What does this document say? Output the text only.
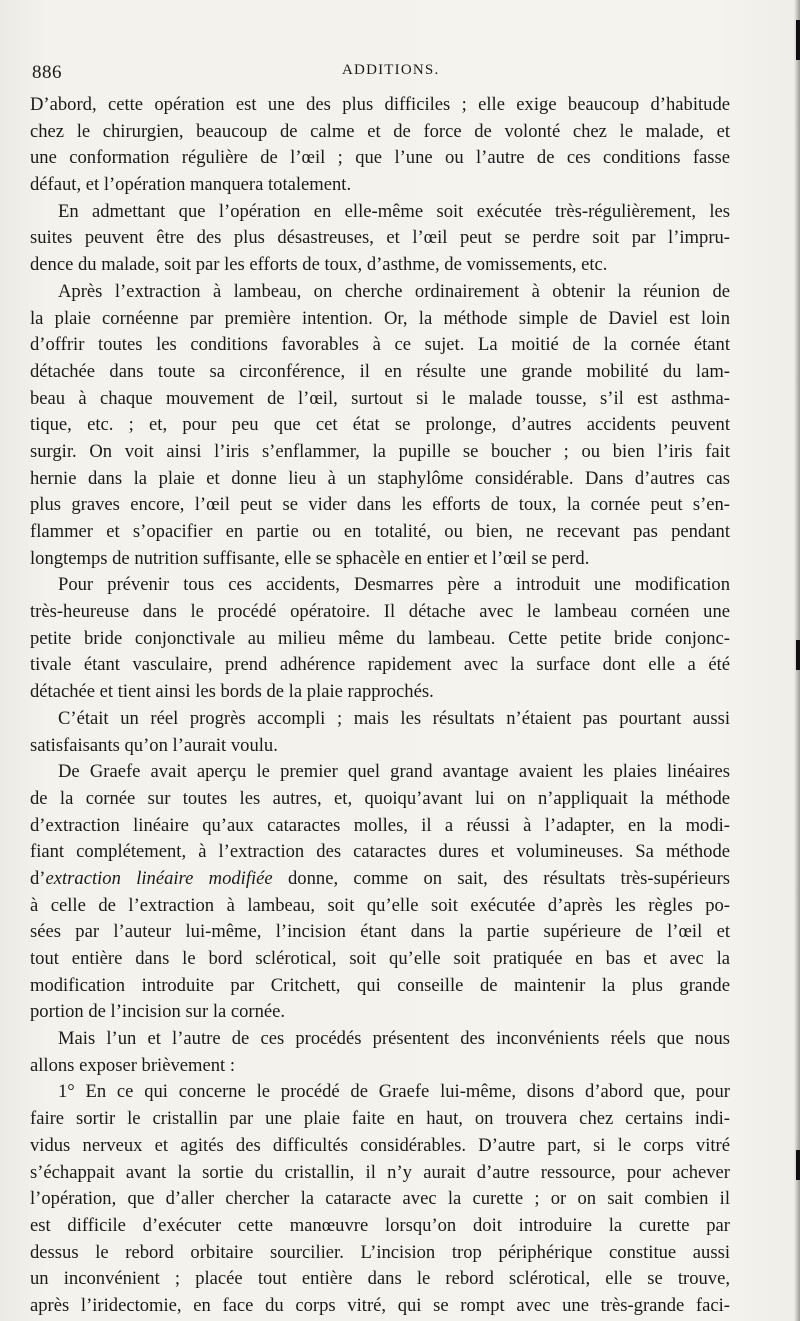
886	ADDITIONS.
D’abord, cette opération est une des plus difficiles ; elle exige beaucoup d’habitude
chez le chirurgien, beaucoup de calme et de force de volonté chez le malade, et
une conformation régulière de l’œil ; que l’une ou l’autre de ces conditions fasse
défaut, et l’opération manquera totalement.
En admettant que l’opération en elle-même soit exécutée très-régulièrement, les
suites peuvent être des plus désastreuses, et l’œil peut se perdre soit par l’impru-
dence du malade, soit par les efforts de toux, d’asthme, de vomissements, etc.
Après l’extraction à lambeau, on cherche ordinairement à obtenir la réunion de
la plaie cornéenne par première intention. Or, la méthode simple de Daviel est loin
d’offrir toutes les conditions favorables à ce sujet. La moitié de la cornée étant
détachée dans toute sa circonférence, il en résulte une grande mobilité du lam-
beau à chaque mouvement de l’œil, surtout si le malade tousse, s’il est asthma-
tique, etc. ; et, pour peu que cet état se prolonge, d’autres accidents peuvent
surgir. On voit ainsi l’iris s’enflammer, la pupille se boucher ; ou bien l’iris fait
hernie dans la plaie et donne lieu à un staphylôme considérable. Dans d’autres cas
plus graves encore, l’œil peut se vider dans les efforts de toux, la cornée peut s’en-
flammer et s’opacifier en partie ou en totalité, ou bien, ne recevant pas pendant
longtemps de nutrition suffisante, elle se sphacèle en entier et l’œil se perd.
Pour prévenir tous ces accidents, Desmarres père a introduit une modification
très-heureuse dans le procédé opératoire. Il détache avec le lambeau cornéen une
petite bride conjonctivale au milieu même du lambeau. Cette petite bride conjonc-
tivale étant vasculaire, prend adhérence rapidement avec la surface dont elle a été
détachée et tient ainsi les bords de la plaie rapprochés.
C’était un réel progrès accompli ; mais les résultats n’étaient pas pourtant aussi
satisfaisants qu’on l’aurait voulu.
De Graefe avait aperçu le premier quel grand avantage avaient les plaies linéaires
de la cornée sur toutes les autres, et, quoiqu’avant lui on n’appliquait la méthode
d’extraction linéaire qu’aux cataractes molles, il a réussi à l’adapter, en la modi-
fiant complétement, à l’extraction des cataractes dures et volumineuses. Sa méthode
d’extraction linéaire modifiée donne, comme on sait, des résultats très-supérieurs
à celle de l’extraction à lambeau, soit qu’elle soit exécutée d’après les règles po-
sées par l’auteur lui-même, l’incision étant dans la partie supérieure de l’œil et
tout entière dans le bord sclérotical, soit qu’elle soit pratiquée en bas et avec la
modification introduite par Critchett, qui conseille de maintenir la plus grande
portion de l’incision sur la cornée.
Mais l’un et l’autre de ces procédés présentent des inconvénients réels que nous
allons exposer brièvement :
1° En ce qui concerne le procédé de Graefe lui-même, disons d’abord que, pour
faire sortir le cristallin par une plaie faite en haut, on trouvera chez certains indi-
vidus nerveux et agités des difficultés considérables. D’autre part, si le corps vitré
s’échappait avant la sortie du cristallin, il n’y aurait d’autre ressource, pour achever
l’opération, que d’aller chercher la cataracte avec la curette ; or on sait combien il
est difficile d’exécuter cette manœuvre lorsqu’on doit introduire la curette par
dessus le rebord orbitaire sourcilier. L’incision trop périphérique constitue aussi
un inconvénient ; placée tout entière dans le rebord sclérotical, elle se trouve,
après l’iridectomie, en face du corps vitré, qui se rompt avec une très-grande faci-
